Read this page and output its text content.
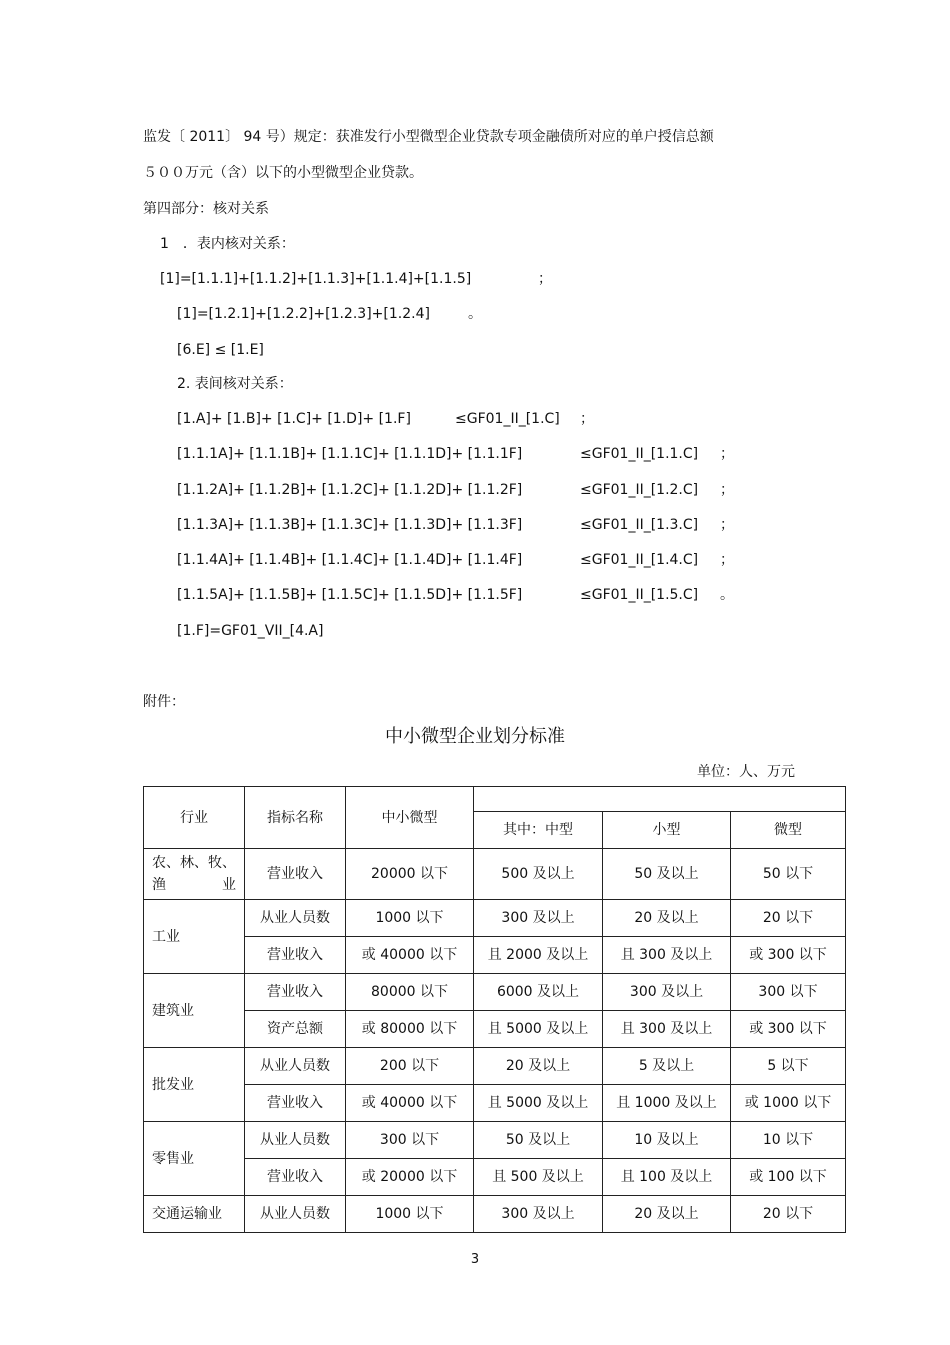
监发〔 2011〕 94 号）规定：获准发行小型微型企业贷款专项金融债所对应的单户授信总额
５００万元（含）以下的小型微型企业贷款。
第四部分：核对关系
1　．表内核对关系：
[1]=[1.1.1]+[1.1.2]+[1.1.3]+[1.1.4]+[1.1.5]	；
[1]=[1.2.1]+[1.2.2]+[1.2.3]+[1.2.4]	。
[6.E] ≤ [1.E]
2. 表间核对关系：
[1.A]+ [1.B]+ [1.C]+ [1.D]+ [1.F]	≤GF01_II_[1.C] ；
[1.1.1A]+ [1.1.1B]+ [1.1.1C]+ [1.1.1D]+ [1.1.1F]	≤GF01_II_[1.1.C] ；
[1.1.2A]+ [1.1.2B]+ [1.1.2C]+ [1.1.2D]+ [1.1.2F]	≤GF01_II_[1.2.C] ；
[1.1.3A]+ [1.1.3B]+ [1.1.3C]+ [1.1.3D]+ [1.1.3F]	≤GF01_II_[1.3.C] ；
[1.1.4A]+ [1.1.4B]+ [1.1.4C]+ [1.1.4D]+ [1.1.4F]	≤GF01_II_[1.4.C] ；
[1.1.5A]+ [1.1.5B]+ [1.1.5C]+ [1.1.5D]+ [1.1.5F]	≤GF01_II_[1.5.C] 。
[1.F]=GF01_VII_[4.A]
附件：
中小微型企业划分标准
单位：人、万元
行业	指标名称	中小微型			
			其中：中型	小型	微型
农、林、牧、渔业	营业收入	20000 以下	500 及以上	50 及以上	50 以下
工业	从业人员数	1000 以下	300 及以上	20 及以上	20 以下
	营业收入	或 40000 以下	且 2000 及以上	且 300 及以上	或 300 以下
建筑业	营业收入	80000 以下	6000 及以上	300 及以上	300 以下
	资产总额	或 80000 以下	且 5000 及以上	且 300 及以上	或 300 以下
批发业	从业人员数	200 以下	20 及以上	5 及以上	5 以下
	营业收入	或 40000 以下	且 5000 及以上	且 1000 及以上	或 1000 以下
零售业	从业人员数	300 以下	50 及以上	10 及以上	10 以下
	营业收入	或 20000 以下	且 500 及以上	且 100 及以上	或 100 以下
交通运输业	从业人员数	1000 以下	300 及以上	20 及以上	20 以下
3
